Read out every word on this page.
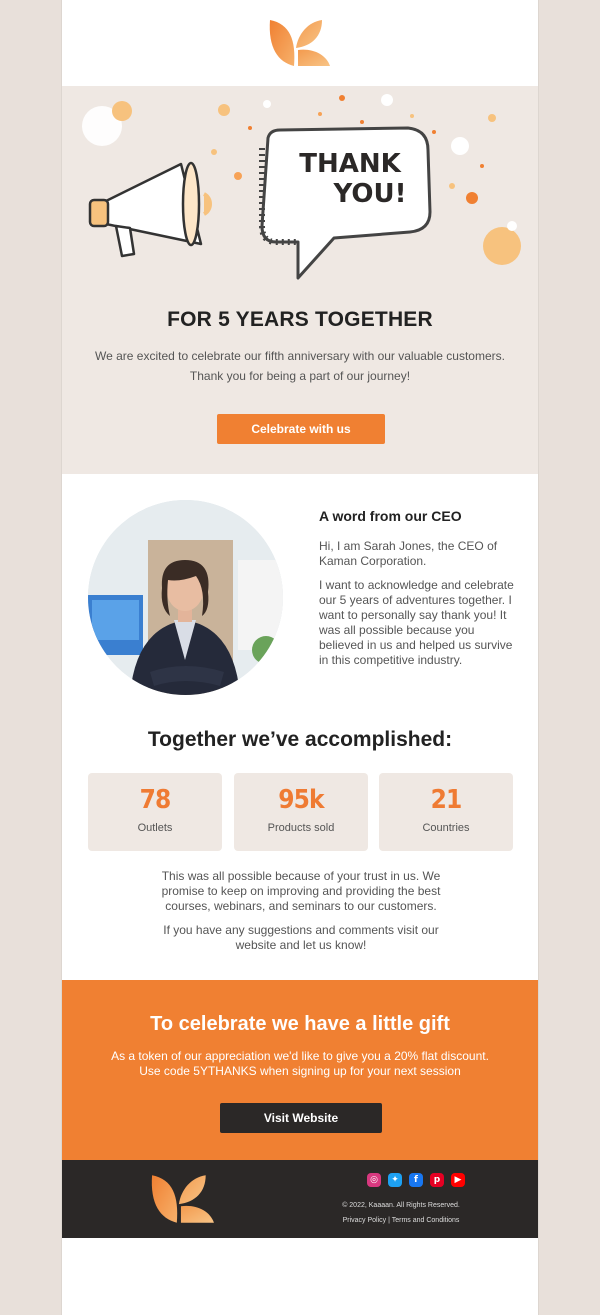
THANK
YOU!
FOR 5 YEARS TOGETHER
We are excited to celebrate our fifth anniversary with our valuable customers.
Thank you for being a part of our journey!
Celebrate with us
A word from our CEO
Hi, I am Sarah Jones, the CEO of Kaman Corporation.
I want to acknowledge and celebrate our 5 years of adventures together. I want to personally say thank you! It was all possible because you believed in us and helped us survive in this competitive industry.
Together we’ve accomplished:
78
Outlets
95k
Products sold
21
Countries
This was all possible because of your trust in us. We promise to keep on improving and providing the best courses, webinars, and seminars to our customers.
If you have any suggestions and comments visit our website and let us know!
To celebrate we have a little gift
As a token of our appreciation we'd like to give you a 20% flat discount.
Use code 5YTHANKS when signing up for your next session
Visit Website
◎	✦	f	p	▶
© 2022, Kaaaan. All Rights Reserved.
Privacy Policy | Terms and Conditions
